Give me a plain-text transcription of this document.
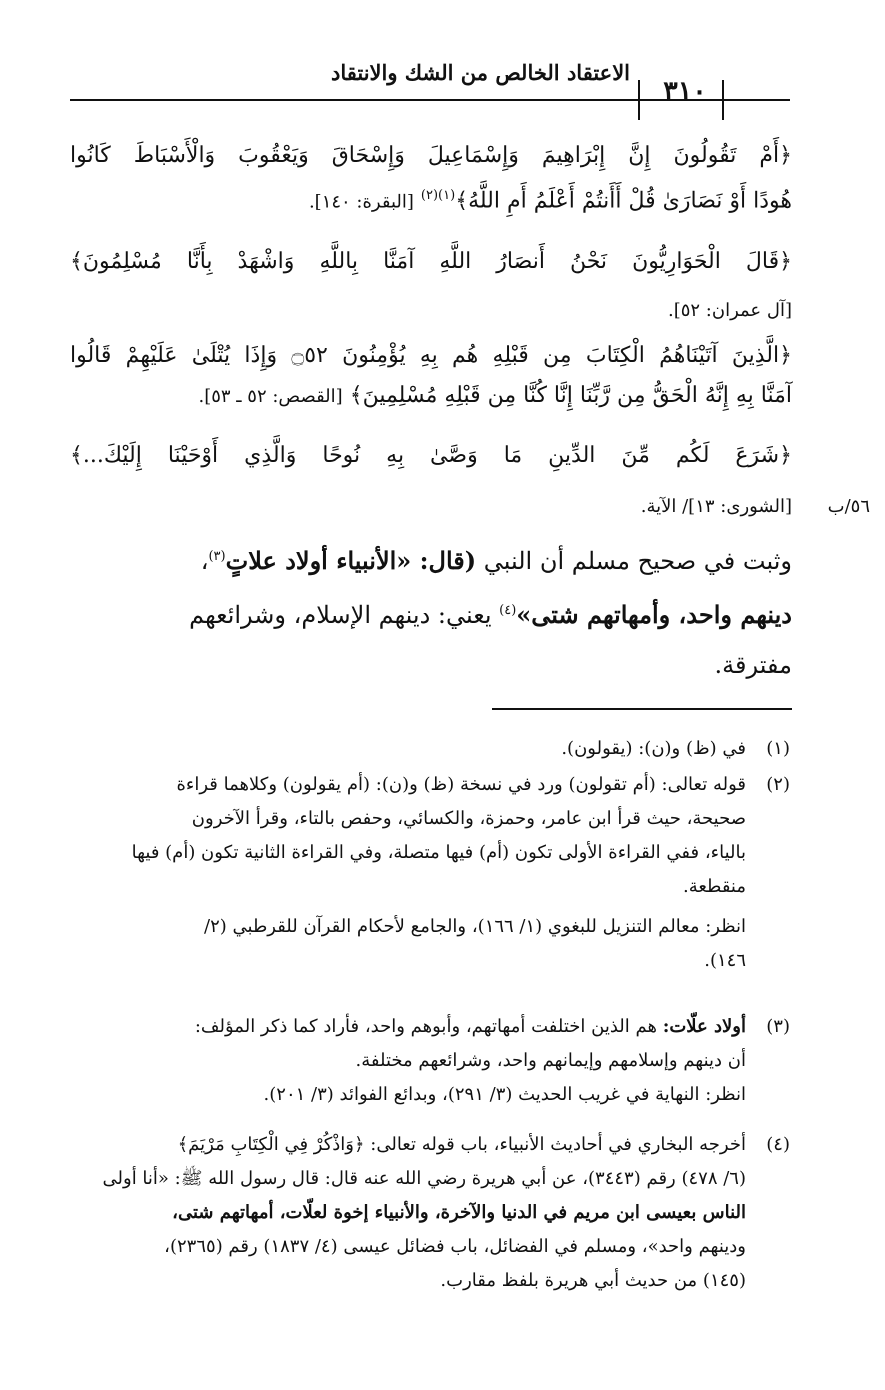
الاعتقاد الخالص من الشك والانتقاد
٣١٠
﴿أَمْ تَقُولُونَ إِنَّ إِبْرَاهِيمَ وَإِسْمَاعِيلَ وَإِسْحَاقَ وَيَعْقُوبَ وَالْأَسْبَاطَ كَانُوا
هُودًا أَوْ نَصَارَىٰ قُلْ أَأَنتُمْ أَعْلَمُ أَمِ اللَّهُ﴾$^{(١)(٢)}$ [البقرة: ١٤٠].
﴿قَالَ الْحَوَارِيُّونَ نَحْنُ أَنصَارُ اللَّهِ آمَنَّا بِاللَّهِ وَاشْهَدْ بِأَنَّا مُسْلِمُونَ﴾
[آل عمران: ٥٢].
﴿الَّذِينَ آتَيْنَاهُمُ الْكِتَابَ مِن قَبْلِهِ هُم بِهِ يُؤْمِنُونَ ۝٥٢ وَإِذَا يُتْلَىٰ عَلَيْهِمْ قَالُوا
آمَنَّا بِهِ إِنَّهُ الْحَقُّ مِن رَّبِّنَا إِنَّا كُنَّا مِن قَبْلِهِ مُسْلِمِينَ﴾ [القصص: ٥٢ ـ ٥٣].
﴿شَرَعَ لَكُم مِّنَ الدِّينِ مَا وَصَّىٰ بِهِ نُوحًا وَالَّذِي أَوْحَيْنَا إِلَيْكَ...﴾
[الشورى: ١٣]/ الآية.	٥٦/ب
وثبت في صحيح مسلم أن النبي (قال: «الأنبياء أولاد علاتٍ$^{(٣)}$،
دينهم واحد، وأمهاتهم شتى»$^{(٤)}$ يعني: دينهم الإسلام، وشرائعهم
مفترقة.
(١)
في (ظ) و(ن): (يقولون).
(٢)
قوله تعالى: (أم تقولون) ورد في نسخة (ظ) و(ن): (أم يقولون) وكلاهما قراءة
صحيحة، حيث قرأ ابن عامر، وحمزة، والكسائي، وحفص بالتاء، وقرأ الآخرون
بالياء، ففي القراءة الأولى تكون (أم) فيها متصلة، وفي القراءة الثانية تكون (أم) فيها
منقطعة.
انظر: معالم التنزيل للبغوي (١/ ١٦٦)، والجامع لأحكام القرآن للقرطبي (٢/
١٤٦).
(٣)
أولاد علّات: هم الذين اختلفت أمهاتهم، وأبوهم واحد، فأراد كما ذكر المؤلف:
أن دينهم وإسلامهم وإيمانهم واحد، وشرائعهم مختلفة.
انظر: النهاية في غريب الحديث (٣/ ٢٩١)، وبدائع الفوائد (٣/ ٢٠١).
(٤)
أخرجه البخاري في أحاديث الأنبياء، باب قوله تعالى: ﴿وَاذْكُرْ فِي الْكِتَابِ مَرْيَمَ﴾
(٦/ ٤٧٨) رقم (٣٤٤٣)، عن أبي هريرة رضي الله عنه قال: قال رسول الله ﷺ: «أنا أولى
الناس بعيسى ابن مريم في الدنيا والآخرة، والأنبياء إخوة لعلّات، أمهاتهم شتى،
ودينهم واحد»، ومسلم في الفضائل، باب فضائل عيسى (٤/ ١٨٣٧) رقم (٢٣٦٥)،
(١٤٥) من حديث أبي هريرة بلفظ مقارب.
